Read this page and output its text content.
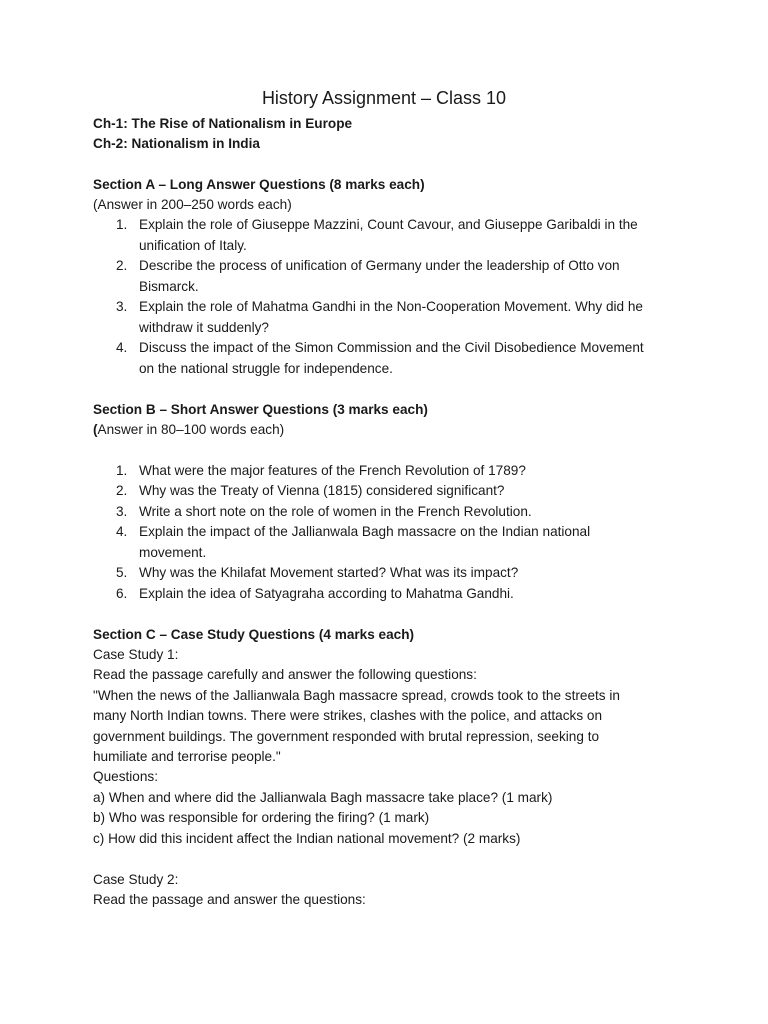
History Assignment – Class 10
Ch-1: The Rise of Nationalism in Europe
Ch-2: Nationalism in India
Section A – Long Answer Questions (8 marks each)
(Answer in 200–250 words each)
1. Explain the role of Giuseppe Mazzini, Count Cavour, and Giuseppe Garibaldi in the
unification of Italy.
2. Describe the process of unification of Germany under the leadership of Otto von
Bismarck.
3. Explain the role of Mahatma Gandhi in the Non-Cooperation Movement. Why did he
withdraw it suddenly?
4. Discuss the impact of the Simon Commission and the Civil Disobedience Movement
on the national struggle for independence.
Section B – Short Answer Questions (3 marks each)
(Answer in 80–100 words each)
1. What were the major features of the French Revolution of 1789?
2. Why was the Treaty of Vienna (1815) considered significant?
3. Write a short note on the role of women in the French Revolution.
4. Explain the impact of the Jallianwala Bagh massacre on the Indian national
movement.
5. Why was the Khilafat Movement started? What was its impact?
6. Explain the idea of Satyagraha according to Mahatma Gandhi.
Section C – Case Study Questions (4 marks each)
Case Study 1:
Read the passage carefully and answer the following questions:
"When the news of the Jallianwala Bagh massacre spread, crowds took to the streets in
many North Indian towns. There were strikes, clashes with the police, and attacks on
government buildings. The government responded with brutal repression, seeking to
humiliate and terrorise people."
Questions:
a) When and where did the Jallianwala Bagh massacre take place? (1 mark)
b) Who was responsible for ordering the firing? (1 mark)
c) How did this incident affect the Indian national movement? (2 marks)
Case Study 2:
Read the passage and answer the questions:
